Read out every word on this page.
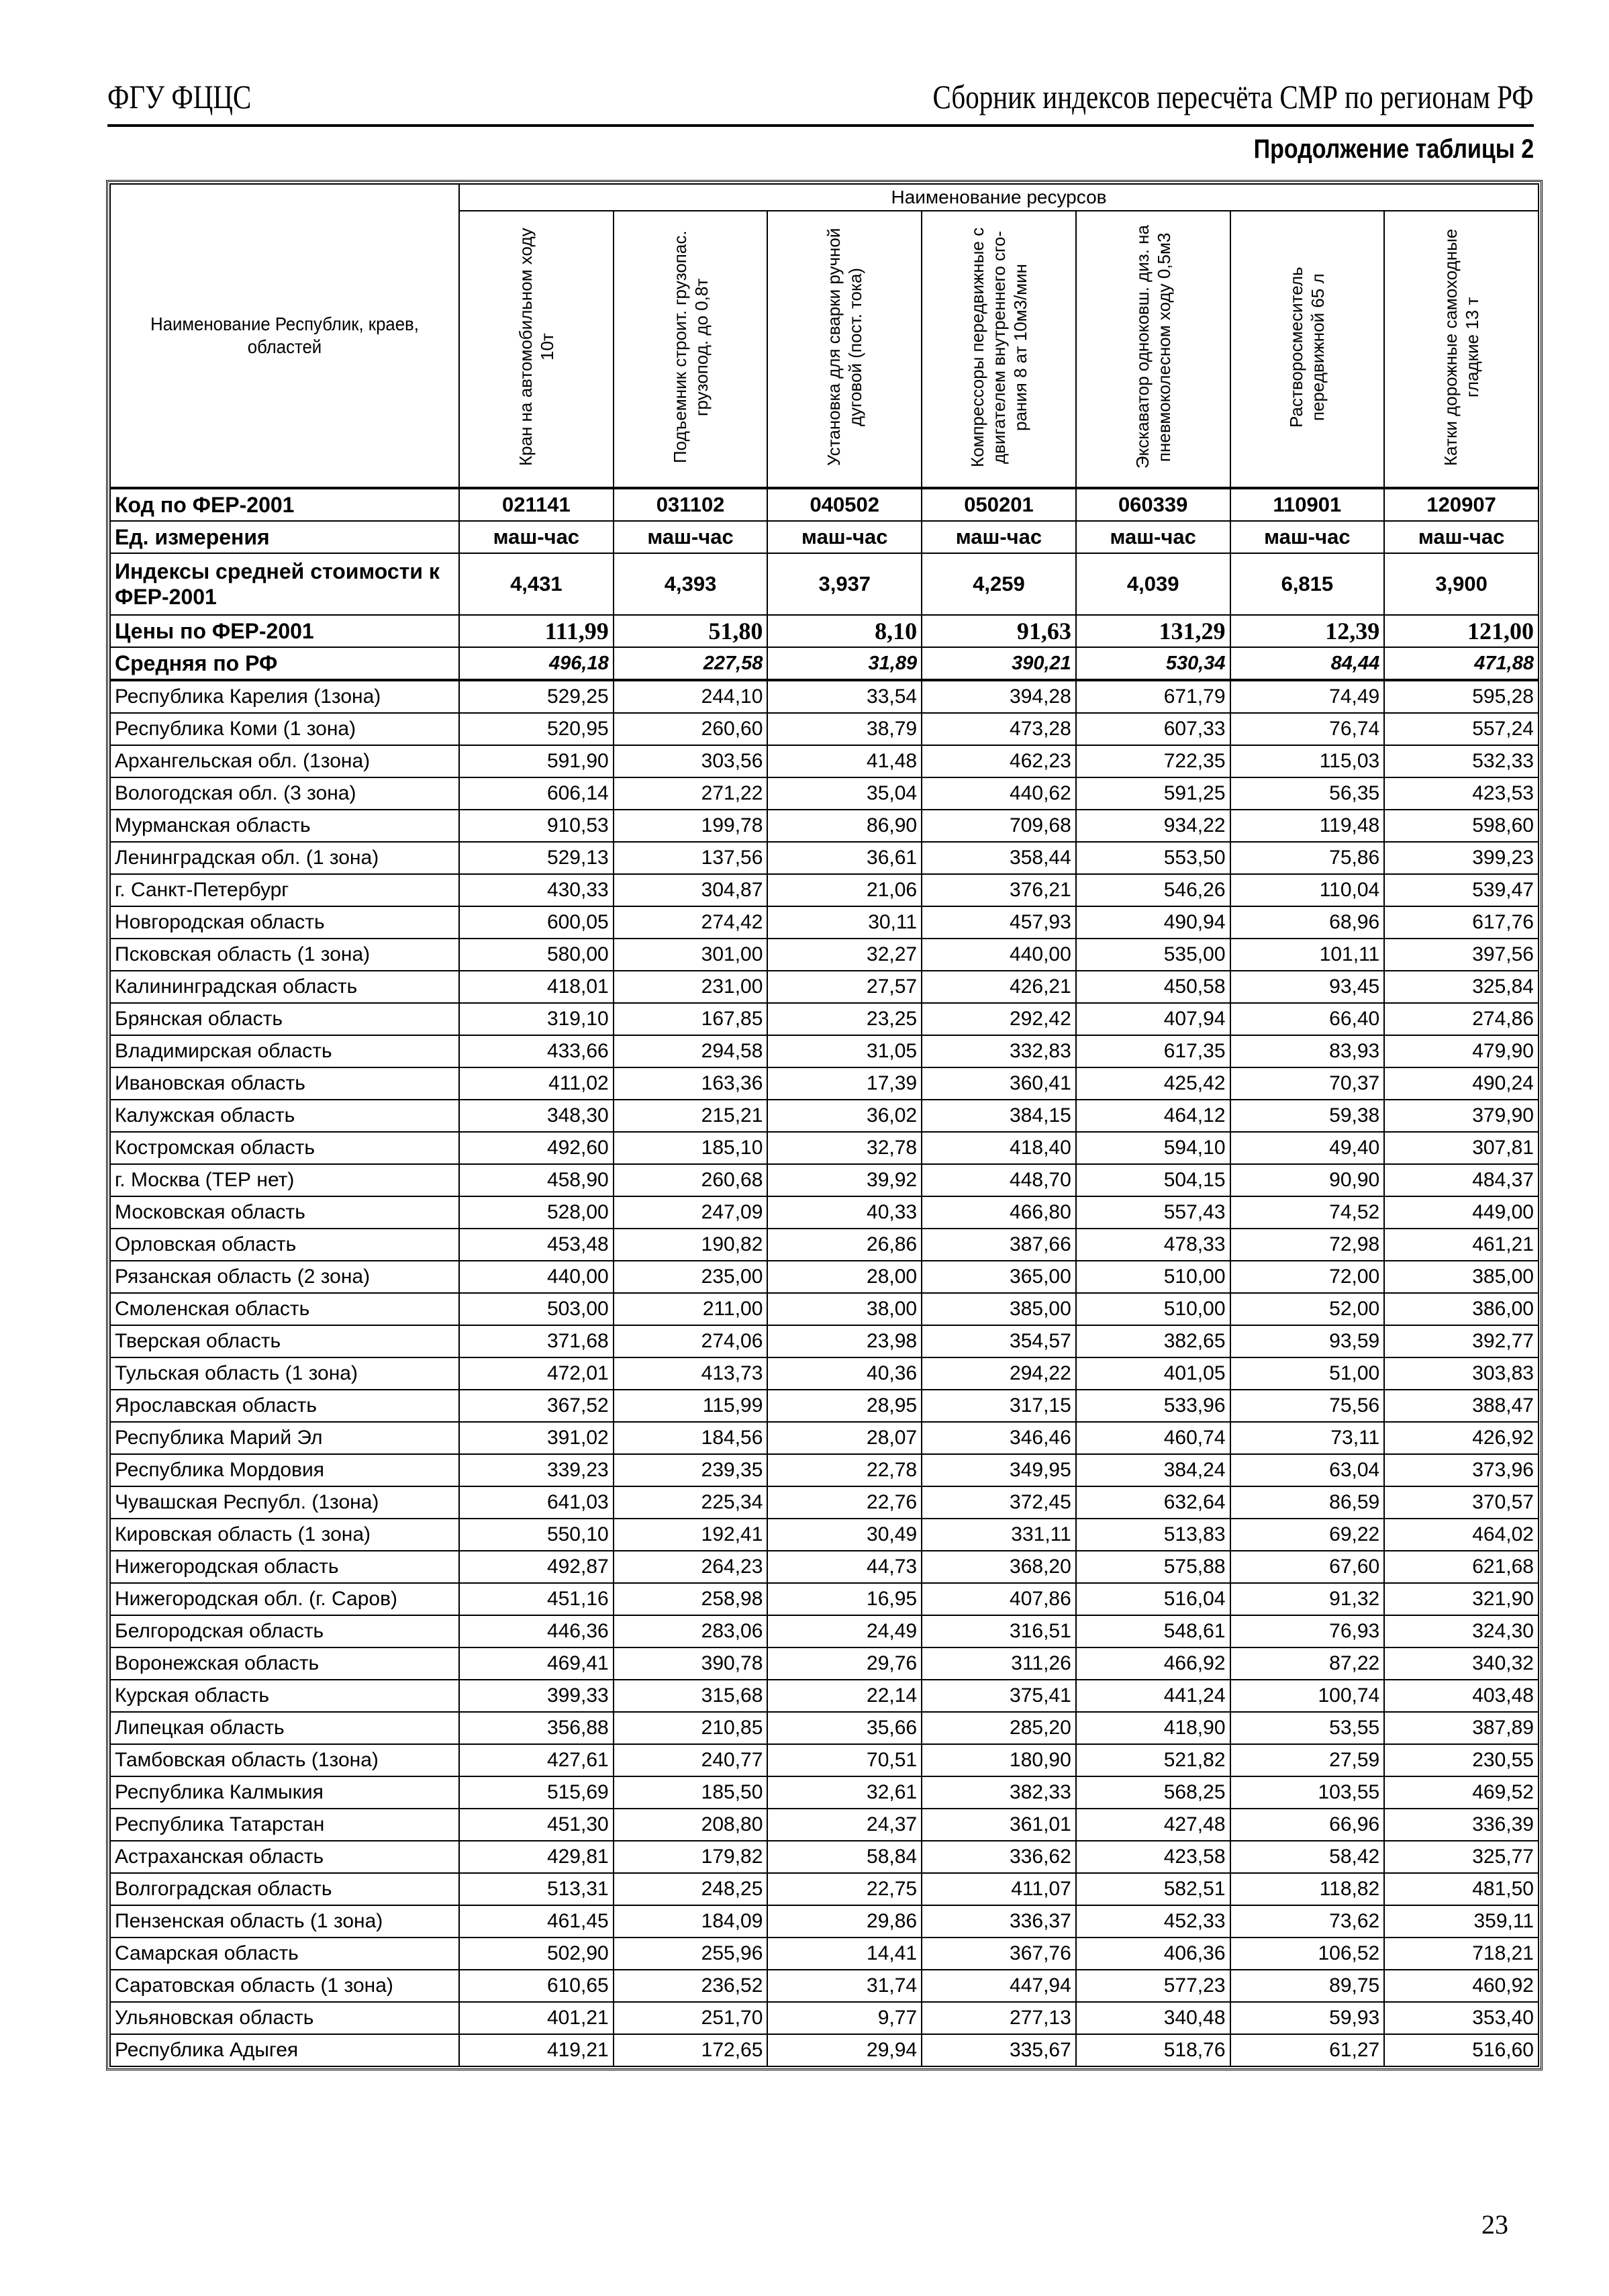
ФГУ ФЦЦС	Сборник индексов пересчёта СМР по регионам РФ
Продолжение таблицы 2
Наименование Республик, краев, областей	Наименование ресурсов						
	Кран на автомобильном ходу 10т	Подъемник строит. грузопас. грузопод. до 0,8т	Установка для сварки ручной дуговой (пост. тока)	Компрессоры передвижные с двигателем внутреннего сго-рания 8 ат 10м3/мин	Экскаватор одноковш. диз. на пневмоколесном ходу 0,5м3	Растворосмеситель передвижной 65 л	Катки дорожные самоходные гладкие 13 т
Код по ФЕР-2001	021141	031102	040502	050201	060339	110901	120907
Ед. измерения	маш-час	маш-час	маш-час	маш-час	маш-час	маш-час	маш-час
Индексы средней стоимости к ФЕР-2001	4,431	4,393	3,937	4,259	4,039	6,815	3,900
Цены по ФЕР-2001	111,99	51,80	8,10	91,63	131,29	12,39	121,00
Средняя по РФ	496,18	227,58	31,89	390,21	530,34	84,44	471,88
Республика Карелия (1зона)	529,25	244,10	33,54	394,28	671,79	74,49	595,28
Республика Коми (1 зона)	520,95	260,60	38,79	473,28	607,33	76,74	557,24
Архангельская обл. (1зона)	591,90	303,56	41,48	462,23	722,35	115,03	532,33
Вологодская обл. (3 зона)	606,14	271,22	35,04	440,62	591,25	56,35	423,53
Мурманская область	910,53	199,78	86,90	709,68	934,22	119,48	598,60
Ленинградская обл. (1 зона)	529,13	137,56	36,61	358,44	553,50	75,86	399,23
г. Санкт-Петербург	430,33	304,87	21,06	376,21	546,26	110,04	539,47
Новгородская область	600,05	274,42	30,11	457,93	490,94	68,96	617,76
Псковская область (1 зона)	580,00	301,00	32,27	440,00	535,00	101,11	397,56
Калининградская область	418,01	231,00	27,57	426,21	450,58	93,45	325,84
Брянская область	319,10	167,85	23,25	292,42	407,94	66,40	274,86
Владимирская область	433,66	294,58	31,05	332,83	617,35	83,93	479,90
Ивановская область	411,02	163,36	17,39	360,41	425,42	70,37	490,24
Калужская область	348,30	215,21	36,02	384,15	464,12	59,38	379,90
Костромская область	492,60	185,10	32,78	418,40	594,10	49,40	307,81
г. Москва (ТЕР нет)	458,90	260,68	39,92	448,70	504,15	90,90	484,37
Московская область	528,00	247,09	40,33	466,80	557,43	74,52	449,00
Орловская область	453,48	190,82	26,86	387,66	478,33	72,98	461,21
Рязанская область (2 зона)	440,00	235,00	28,00	365,00	510,00	72,00	385,00
Смоленская область	503,00	211,00	38,00	385,00	510,00	52,00	386,00
Тверская область	371,68	274,06	23,98	354,57	382,65	93,59	392,77
Тульская область (1 зона)	472,01	413,73	40,36	294,22	401,05	51,00	303,83
Ярославская область	367,52	115,99	28,95	317,15	533,96	75,56	388,47
Республика Марий Эл	391,02	184,56	28,07	346,46	460,74	73,11	426,92
Республика Мордовия	339,23	239,35	22,78	349,95	384,24	63,04	373,96
Чувашская Республ. (1зона)	641,03	225,34	22,76	372,45	632,64	86,59	370,57
Кировская область (1 зона)	550,10	192,41	30,49	331,11	513,83	69,22	464,02
Нижегородская область	492,87	264,23	44,73	368,20	575,88	67,60	621,68
Нижегородская обл. (г. Саров)	451,16	258,98	16,95	407,86	516,04	91,32	321,90
Белгородская область	446,36	283,06	24,49	316,51	548,61	76,93	324,30
Воронежская область	469,41	390,78	29,76	311,26	466,92	87,22	340,32
Курская область	399,33	315,68	22,14	375,41	441,24	100,74	403,48
Липецкая область	356,88	210,85	35,66	285,20	418,90	53,55	387,89
Тамбовская область (1зона)	427,61	240,77	70,51	180,90	521,82	27,59	230,55
Республика Калмыкия	515,69	185,50	32,61	382,33	568,25	103,55	469,52
Республика Татарстан	451,30	208,80	24,37	361,01	427,48	66,96	336,39
Астраханская область	429,81	179,82	58,84	336,62	423,58	58,42	325,77
Волгоградская область	513,31	248,25	22,75	411,07	582,51	118,82	481,50
Пензенская область (1 зона)	461,45	184,09	29,86	336,37	452,33	73,62	359,11
Самарская область	502,90	255,96	14,41	367,76	406,36	106,52	718,21
Саратовская область (1 зона)	610,65	236,52	31,74	447,94	577,23	89,75	460,92
Ульяновская область	401,21	251,70	9,77	277,13	340,48	59,93	353,40
Республика Адыгея	419,21	172,65	29,94	335,67	518,76	61,27	516,60
23
